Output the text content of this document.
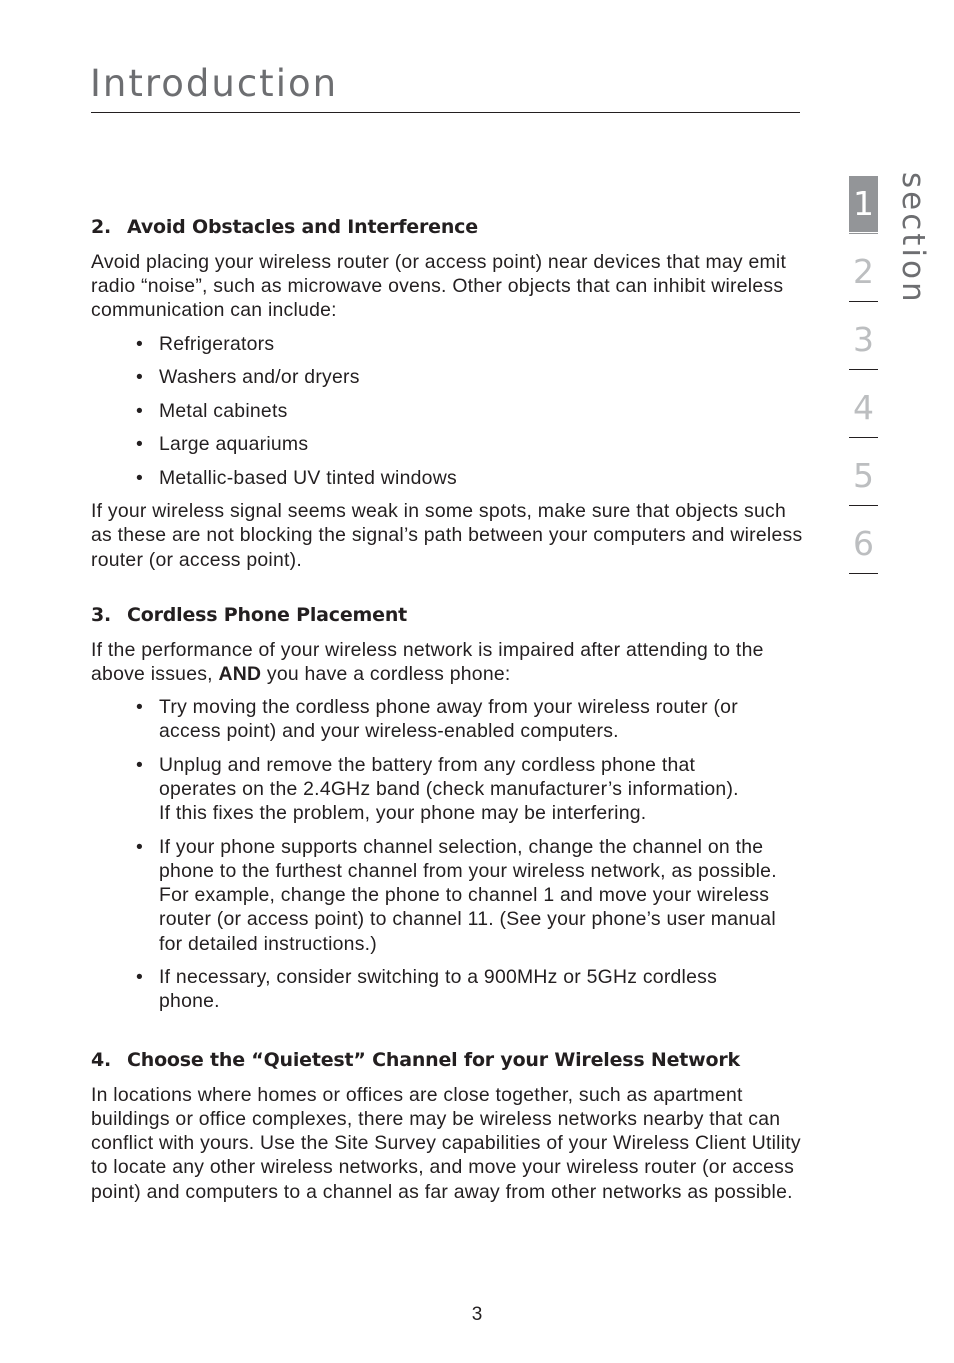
Introduction
section
1
2
3
4
5
6
2. Avoid Obstacles and Interference

Avoid placing your wireless router (or access point) near devices that may emit radio “noise”, such as microwave ovens. Other objects that can inhibit wireless communication can include:

• Refrigerators
• Washers and/or dryers
• Metal cabinets
• Large aquariums
• Metallic-based UV tinted windows

If your wireless signal seems weak in some spots, make sure that objects such as these are not blocking the signal’s path between your computers and wireless router (or access point).

3. Cordless Phone Placement

If the performance of your wireless network is impaired after attending to the above issues, AND you have a cordless phone:

• Try moving the cordless phone away from your wireless router (or access point) and your wireless-enabled computers.
• Unplug and remove the battery from any cordless phone that operates on the 2.4GHz band (check manufacturer’s information). If this fixes the problem, your phone may be interfering.
• If your phone supports channel selection, change the channel on the phone to the furthest channel from your wireless network, as possible. For example, change the phone to channel 1 and move your wireless router (or access point) to channel 11. (See your phone’s user manual for detailed instructions.)
• If necessary, consider switching to a 900MHz or 5GHz cordless phone.
4. Choose the “Quietest” Channel for your Wireless Network

In locations where homes or offices are close together, such as apartment buildings or office complexes, there may be wireless networks nearby that can conflict with yours. Use the Site Survey capabilities of your Wireless Client Utility to locate any other wireless networks, and move your wireless router (or access point) and computers to a channel as far away from other networks as possible.

3
